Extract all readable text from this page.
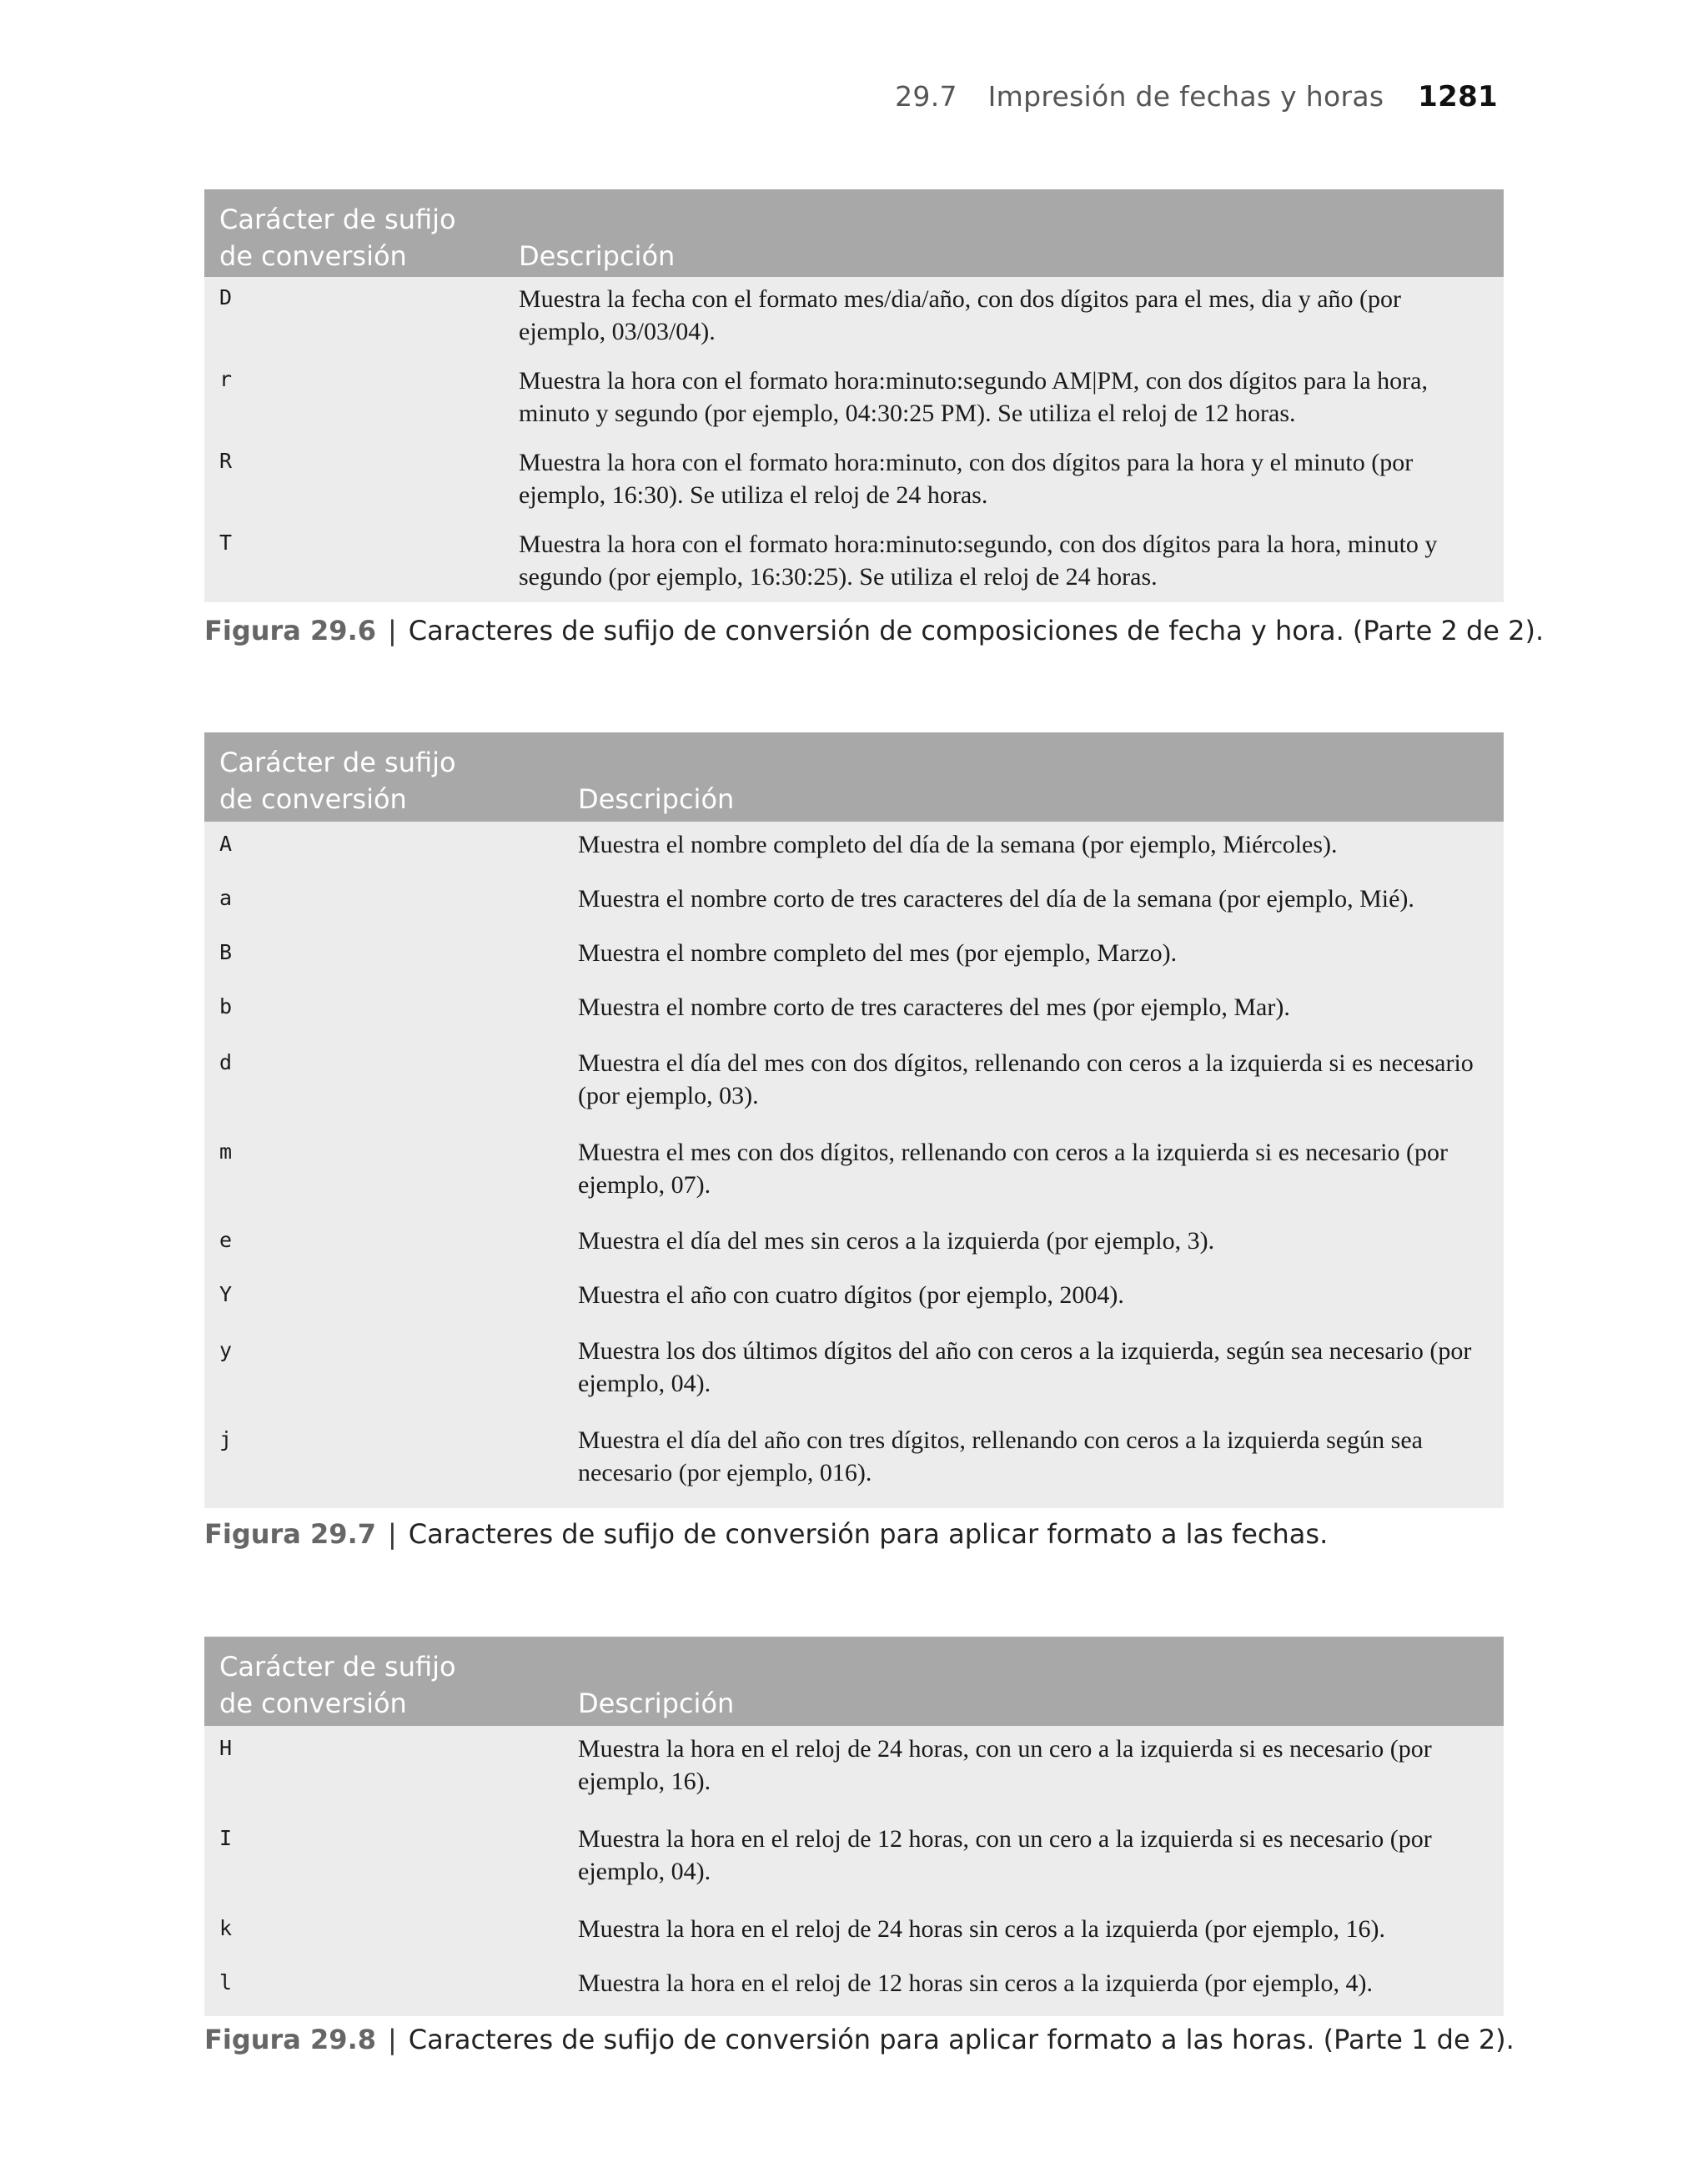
29.7 Impresión de fechas y horas 1281
Carácter de sufijo
de conversión	Descripción
D	Muestra la fecha con el formato mes/dia/año, con dos dígitos para el mes, dia y año (por ejemplo, 03/03/04).
r	Muestra la hora con el formato hora:minuto:segundo AM|PM, con dos dígitos para la hora, minuto y segundo (por ejemplo, 04:30:25 PM). Se utiliza el reloj de 12 horas.
R	Muestra la hora con el formato hora:minuto, con dos dígitos para la hora y el minuto (por ejemplo, 16:30). Se utiliza el reloj de 24 horas.
T	Muestra la hora con el formato hora:minuto:segundo, con dos dígitos para la hora, minuto y segundo (por ejemplo, 16:30:25). Se utiliza el reloj de 24 horas.
Figura 29.6 | Caracteres de sufijo de conversión de composiciones de fecha y hora. (Parte 2 de 2).
Carácter de sufijo
de conversión	Descripción
A	Muestra el nombre completo del día de la semana (por ejemplo, Miércoles).
a	Muestra el nombre corto de tres caracteres del día de la semana (por ejemplo, Mié).
B	Muestra el nombre completo del mes (por ejemplo, Marzo).
b	Muestra el nombre corto de tres caracteres del mes (por ejemplo, Mar).
d	Muestra el día del mes con dos dígitos, rellenando con ceros a la izquierda si es necesario (por ejemplo, 03).
m	Muestra el mes con dos dígitos, rellenando con ceros a la izquierda si es necesario (por ejemplo, 07).
e	Muestra el día del mes sin ceros a la izquierda (por ejemplo, 3).
Y	Muestra el año con cuatro dígitos (por ejemplo, 2004).
y	Muestra los dos últimos dígitos del año con ceros a la izquierda, según sea necesario (por ejemplo, 04).
j	Muestra el día del año con tres dígitos, rellenando con ceros a la izquierda según sea necesario (por ejemplo, 016).
Figura 29.7 | Caracteres de sufijo de conversión para aplicar formato a las fechas.
Carácter de sufijo
de conversión	Descripción
H	Muestra la hora en el reloj de 24 horas, con un cero a la izquierda si es necesario (por ejemplo, 16).
I	Muestra la hora en el reloj de 12 horas, con un cero a la izquierda si es necesario (por ejemplo, 04).
k	Muestra la hora en el reloj de 24 horas sin ceros a la izquierda (por ejemplo, 16).
l	Muestra la hora en el reloj de 12 horas sin ceros a la izquierda (por ejemplo, 4).
Figura 29.8 | Caracteres de sufijo de conversión para aplicar formato a las horas. (Parte 1 de 2).
